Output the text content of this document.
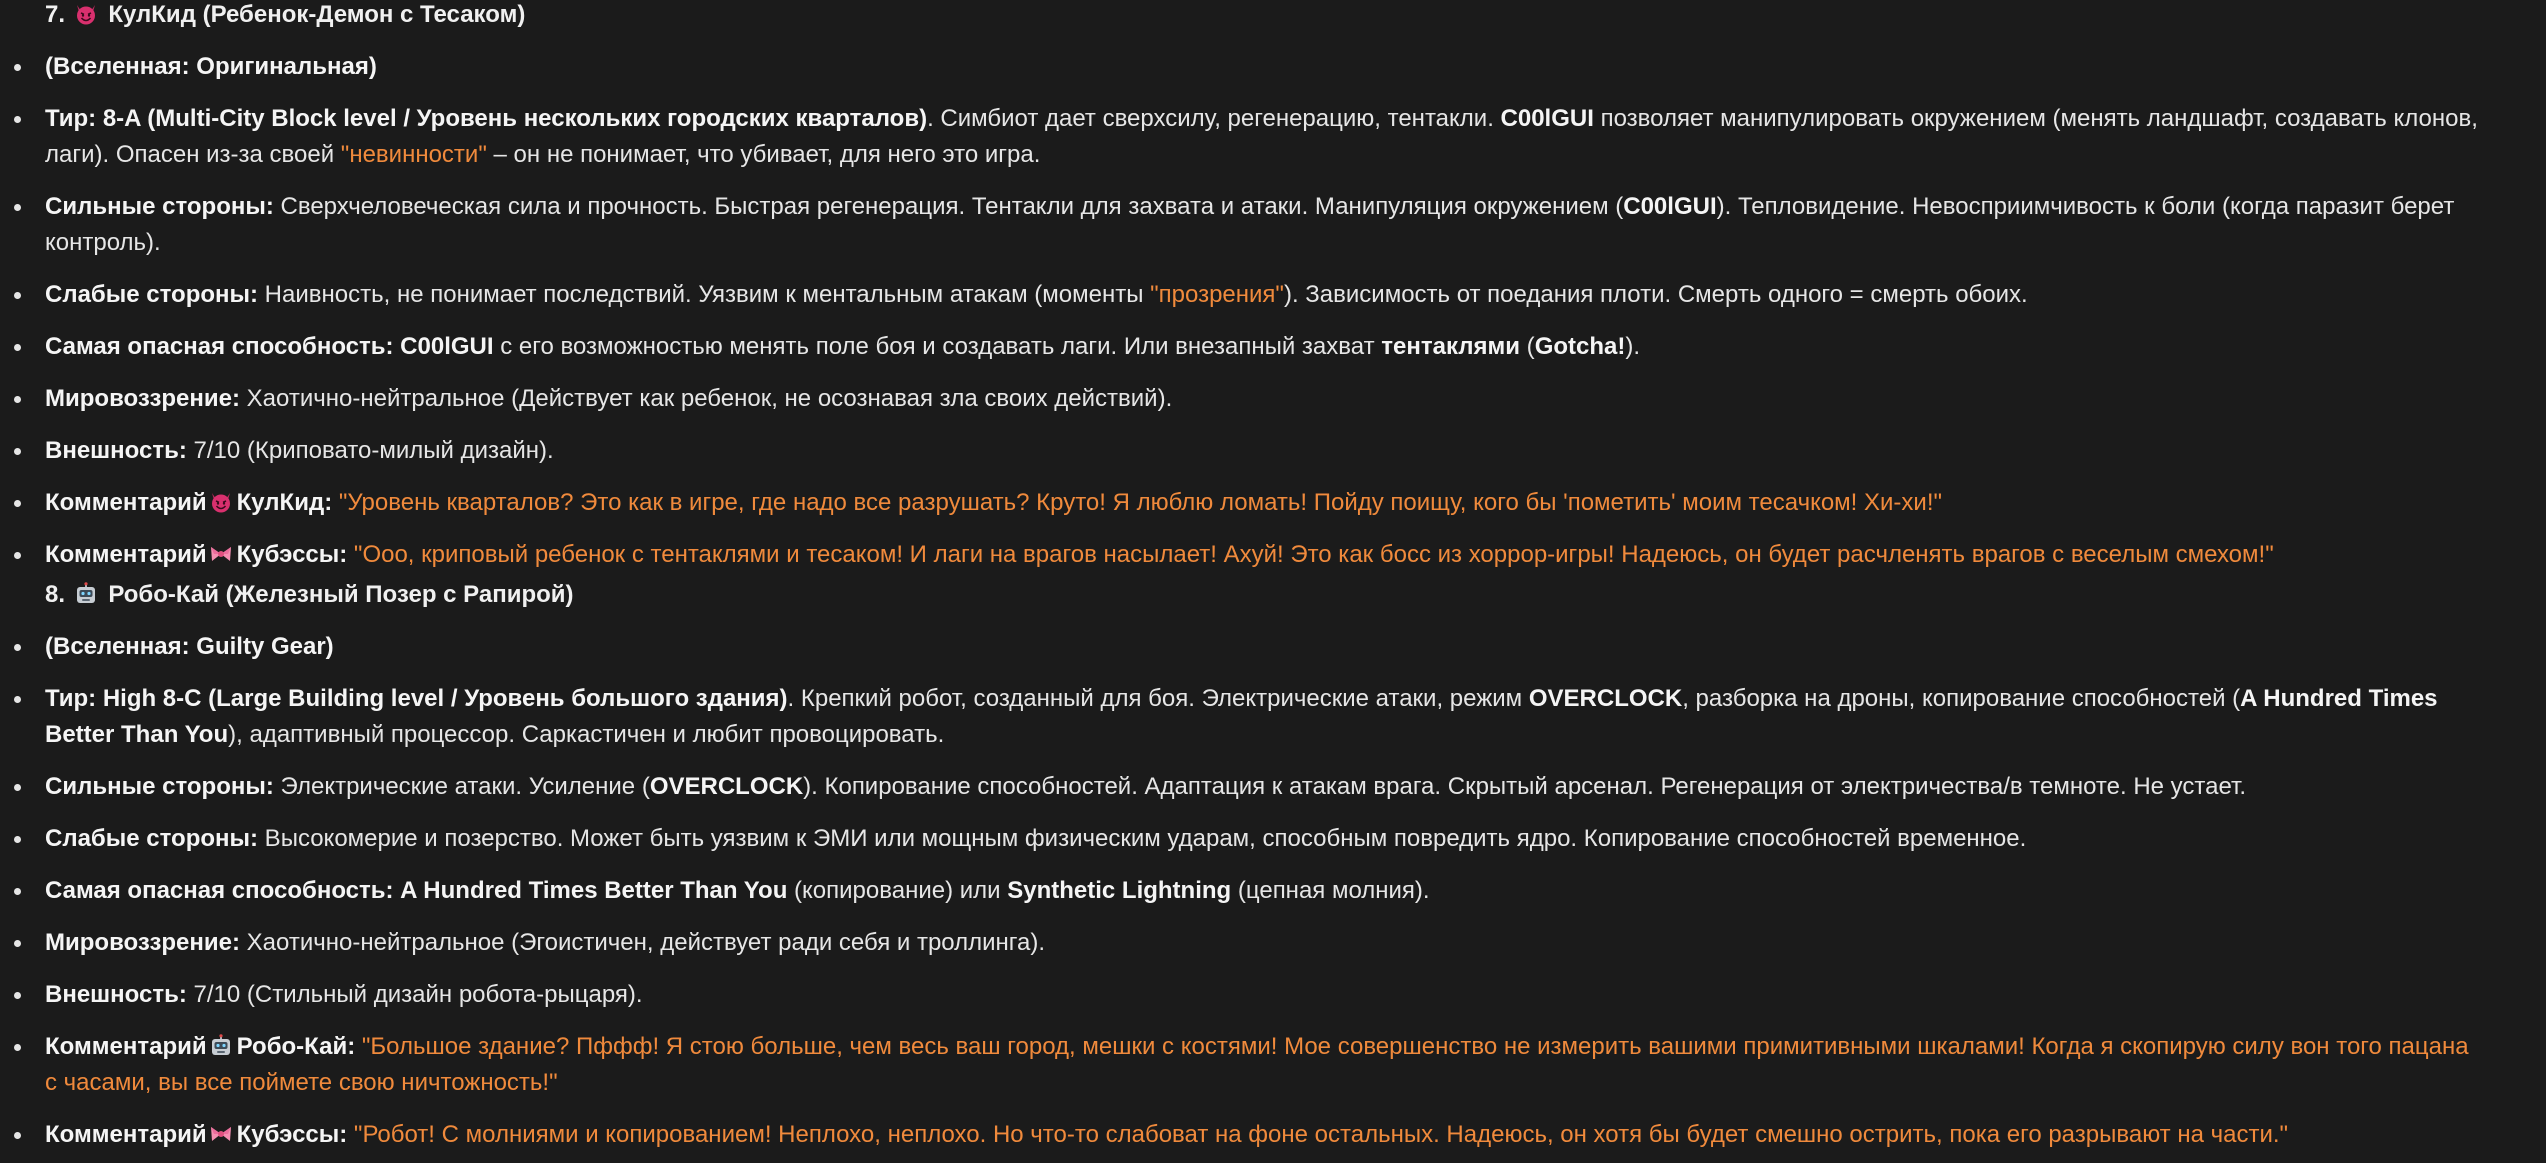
7. КулКид (Ребенок-Демон с Тесаком)
(Вселенная: Оригинальная)
Тир: 8-A (Multi-City Block level / Уровень нескольких городских кварталов). Симбиот дает сверхсилу, регенерацию, тентакли. C00lGUI позволяет манипулировать окружением (менять ландшафт, создавать клонов, лаги). Опасен из-за своей "невинности" – он не понимает, что убивает, для него это игра.
Сильные стороны: Сверхчеловеческая сила и прочность. Быстрая регенерация. Тентакли для захвата и атаки. Манипуляция окружением (C00lGUI). Тепловидение. Невосприимчивость к боли (когда паразит берет контроль).
Слабые стороны: Наивность, не понимает последствий. Уязвим к ментальным атакам (моменты "прозрения"). Зависимость от поедания плоти. Смерть одного = смерть обоих.
Самая опасная способность: C00lGUI с его возможностью менять поле боя и создавать лаги. Или внезапный захват тентаклями (Gotcha!).
Мировоззрение: Хаотично-нейтральное (Действует как ребенок, не осознавая зла своих действий).
Внешность: 7/10 (Криповато-милый дизайн).
Комментарий КулКид: "Уровень кварталов? Это как в игре, где надо все разрушать? Круто! Я люблю ломать! Пойду поищу, кого бы 'пометить' моим тесачком! Хи-хи!"
Комментарий Кубэссы: "Ооо, криповый ребенок с тентаклями и тесаком! И лаги на врагов насылает! Ахуй! Это как босс из хоррор-игры! Надеюсь, он будет расчленять врагов с веселым смехом!"
8. Робо-Кай (Железный Позер с Рапирой)
(Вселенная: Guilty Gear)
Тир: High 8-C (Large Building level / Уровень большого здания). Крепкий робот, созданный для боя. Электрические атаки, режим OVERCLOCK, разборка на дроны, копирование способностей (A Hundred Times Better Than You), адаптивный процессор. Саркастичен и любит провоцировать.
Сильные стороны: Электрические атаки. Усиление (OVERCLOCK). Копирование способностей. Адаптация к атакам врага. Скрытый арсенал. Регенерация от электричества/в темноте. Не устает.
Слабые стороны: Высокомерие и позерство. Может быть уязвим к ЭМИ или мощным физическим ударам, способным повредить ядро. Копирование способностей временное.
Самая опасная способность: A Hundred Times Better Than You (копирование) или Synthetic Lightning (цепная молния).
Мировоззрение: Хаотично-нейтральное (Эгоистичен, действует ради себя и троллинга).
Внешность: 7/10 (Стильный дизайн робота-рыцаря).
Комментарий Робо-Кай: "Большое здание? Пффф! Я стою больше, чем весь ваш город, мешки с костями! Мое совершенство не измерить вашими примитивными шкалами! Когда я скопирую силу вон того пацана с часами, вы все поймете свою ничтожность!"
Комментарий Кубэссы: "Робот! С молниями и копированием! Неплохо, неплохо. Но что-то слабоват на фоне остальных. Надеюсь, он хотя бы будет смешно острить, пока его разрывают на части."
